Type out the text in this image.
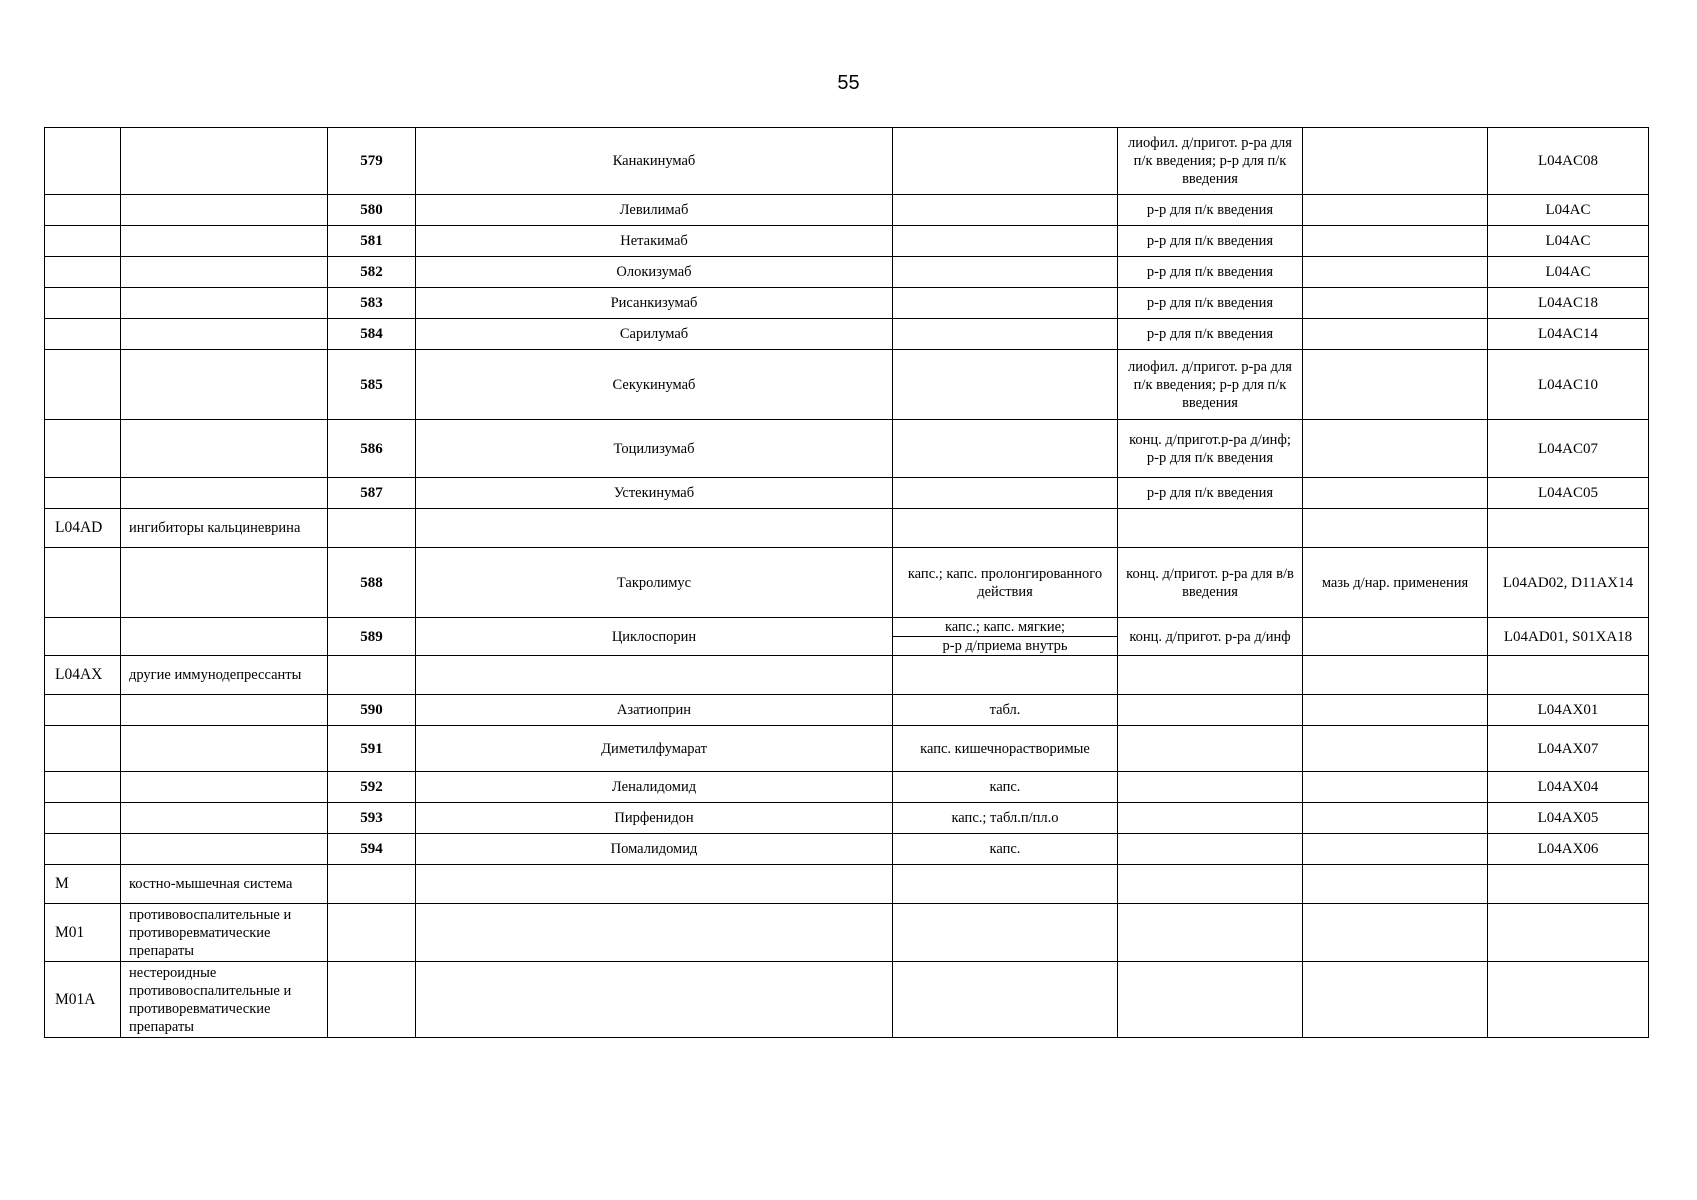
55
		579	Канакинумаб		лиофил. д/пригот. р-ра для п/к введения; р-р для п/к введения		L04AC08
		580	Левилимаб		р-р для п/к введения		L04AC
		581	Нетакимаб		р-р для п/к введения		L04AC
		582	Олокизумаб		р-р для п/к введения		L04AC
		583	Рисанкизумаб		р-р для п/к введения		L04AC18
		584	Сарилумаб		р-р для п/к введения		L04AC14
		585	Секукинумаб		лиофил. д/пригот. р-ра для п/к введения; р-р для п/к введения		L04AC10
		586	Тоцилизумаб		конц. д/пригот.р-ра д/инф; р-р для п/к введения		L04AC07
		587	Устекинумаб		р-р для п/к введения		L04AC05
L04AD	ингибиторы кальциневрина						
		588	Такролимус	капс.; капс. пролонгированного действия	конц. д/пригот. р-ра для в/в введения	мазь д/нар. применения	L04AD02, D11AX14
		589	Циклоспорин	капс.; капс. мягкие;	конц. д/пригот. р-ра д/инф		L04AD01, S01XA18
				р-р д/приема внутрь			
L04AX	другие иммунодепрессанты						
		590	Азатиоприн	табл.			L04AX01
		591	Диметилфумарат	капс. кишечнорастворимые			L04AX07
		592	Леналидомид	капс.			L04AX04
		593	Пирфенидон	капс.; табл.п/пл.о			L04AX05
		594	Помалидомид	капс.			L04AX06
M	костно-мышечная система						
M01	противовоспалительные и противоревматические препараты						
M01A	нестероидные противовоспалительные и противоревматические препараты						
